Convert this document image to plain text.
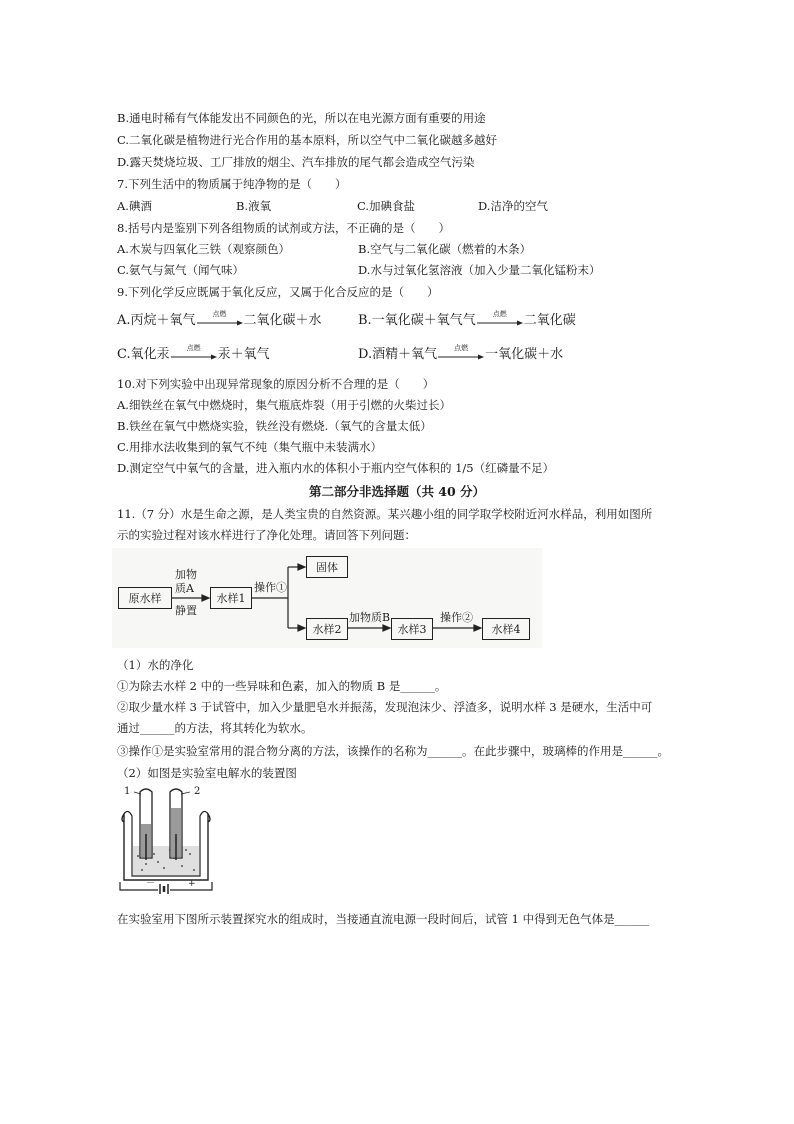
B.通电时稀有气体能发出不同颜色的光，所以在电光源方面有重要的用途
C.二氧化碳是植物进行光合作用的基本原料，所以空气中二氧化碳越多越好
D.露天焚烧垃圾、工厂排放的烟尘、汽车排放的尾气都会造成空气污染
7.下列生活中的物质属于纯净物的是（　　）
A.碘酒	B.液氧	C.加碘食盐	D.洁净的空气
8.括号内是鉴别下列各组物质的试剂或方法，不正确的是（　　）
A.木炭与四氧化三铁（观察颜色）	B.空气与二氧化碳（燃着的木条）
C.氨气与氮气（闻气味）	D.水与过氧化氢溶液（加入少量二氧化锰粉末）
9.下列化学反应既属于氧化反应，又属于化合反应的是（　　）
A. 丙烷＋氧气	点燃	二氧化碳＋水	B. 一氧化碳＋氧气气	点燃	二氧化碳
C. 氧化汞	点燃	汞＋氧气	D. 酒精＋氧气	点燃	一氧化碳＋水
10.对下列实验中出现异常现象的原因分析不合理的是（　　）
A.细铁丝在氧气中燃烧时，集气瓶底炸裂（用于引燃的火柴过长）
B.铁丝在氧气中燃烧实验，铁丝没有燃烧.（氧气的含量太低）
C.用排水法收集到的氧气不纯（集气瓶中未装满水）
D.测定空气中氧气的含量，进入瓶内水的体积小于瓶内空气体积的 1/5（红磷量不足）
第二部分非选择题（共 40 分）
11.（7 分）水是生命之源，是人类宝贵的自然资源。某兴趣小组的同学取学校附近河水样品，利用如图所
示的实验过程对该水样进行了净化处理。请回答下列问题：
原水样
加物
质A
静置
水样1
操作①
固体
水样2
加物质B
水样3
操作②
水样4
（1）水的净化
①为除去水样 2 中的一些异味和色素，加入的物质 B 是______。
②取少量水样 3 于试管中，加入少量肥皂水并振荡，发现泡沫少、浮渣多，说明水样 3 是硬水，生活中可
通过______的方法，将其转化为软水。
③操作①是实验室常用的混合物分离的方法，该操作的名称为______。在此步骤中，玻璃棒的作用是______。
（2）如图是实验室电解水的装置图
1	2
－	+
在实验室用下图所示装置探究水的组成时，当接通直流电源一段时间后，试管 1 中得到无色气体是______
